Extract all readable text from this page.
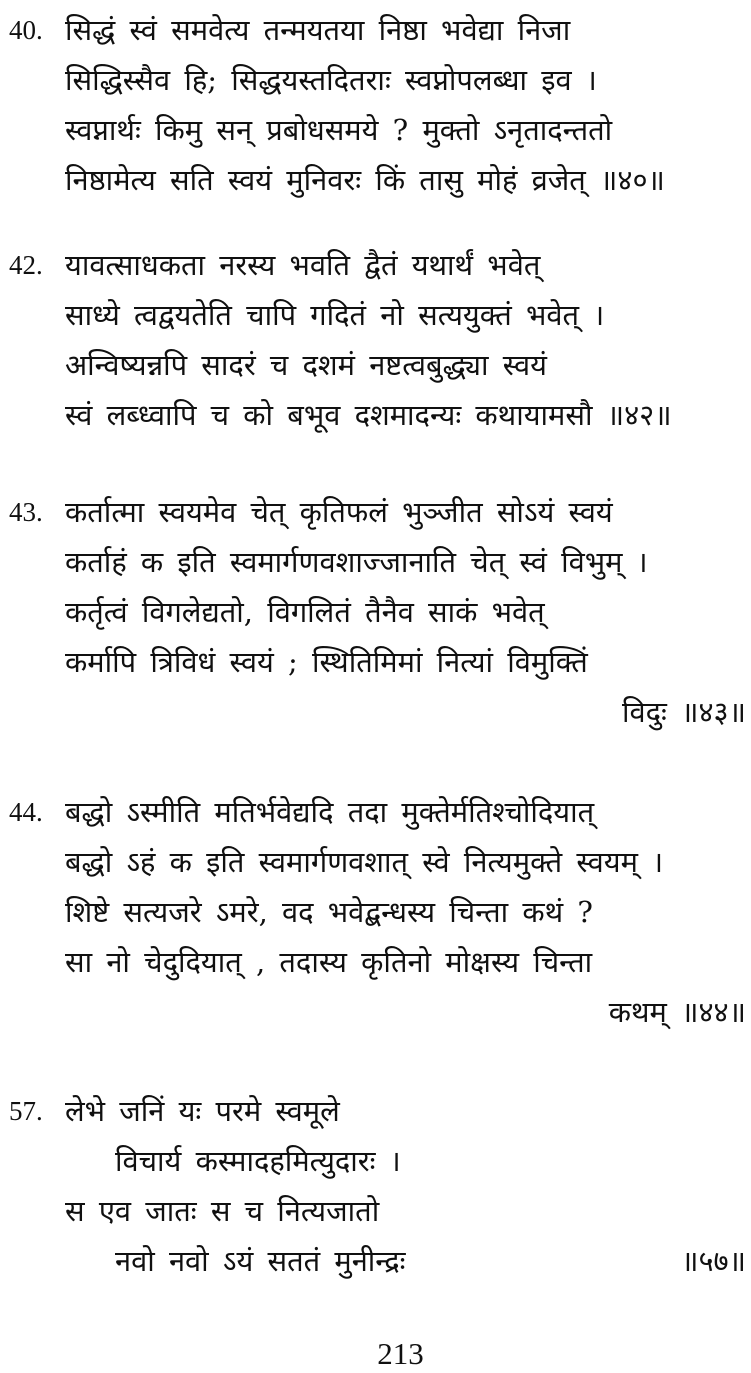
40. सिद्धं स्वं समवेत्य तन्मयतया निष्ठा भवेद्या निजा

सिद्धिस्सैव हि; सिद्धयस्तदितराः स्वप्नोपलब्धा इव ।

स्वप्नार्थः किमु सन् प्रबोधसमये ? मुक्तो ऽनृतादन्ततो

निष्ठामेत्य सति स्वयं मुनिवरः किं तासु मोहं व्रजेत् ॥४०॥

42. यावत्साधकता नरस्य भवति द्वैतं यथार्थं भवेत्

साध्ये त्वद्वयतेति चापि गदितं नो सत्ययुक्तं भवेत् ।

अन्विष्यन्नपि सादरं च दशमं नष्टत्वबुद्ध्या स्वयं

स्वं लब्ध्वापि च को बभूव दशमादन्यः कथायामसौ ॥४२॥

43. कर्तात्मा स्वयमेव चेत् कृतिफलं भुञ्जीत सोऽयं स्वयं

कर्ताहं क इति स्वमार्गणवशाज्जानाति चेत् स्वं विभुम् ।

कर्तृत्वं विगलेद्यतो, विगलितं तैनैव साकं भवेत्

कर्मापि त्रिविधं स्वयं ; स्थितिमिमां नित्यां विमुक्तिं

विदुः ॥४३॥

44. बद्धो ऽस्मीति मतिर्भवेद्यदि तदा मुक्तेर्मतिश्चोदियात्

बद्धो ऽहं क इति स्वमार्गणवशात् स्वे नित्यमुक्ते स्वयम् ।

शिष्टे सत्यजरे ऽमरे, वद भवेद्बन्धस्य चिन्ता कथं ?

सा नो चेदुदियात् , तदास्य कृतिनो मोक्षस्य चिन्ता

कथम् ॥४४॥

57. लेभे जनिं यः परमे स्वमूले

विचार्य कस्मादहमित्युदारः ।

स एव जातः स च नित्यजातो

नवो नवो ऽयं सततं मुनीन्द्रः	॥५७॥

213
